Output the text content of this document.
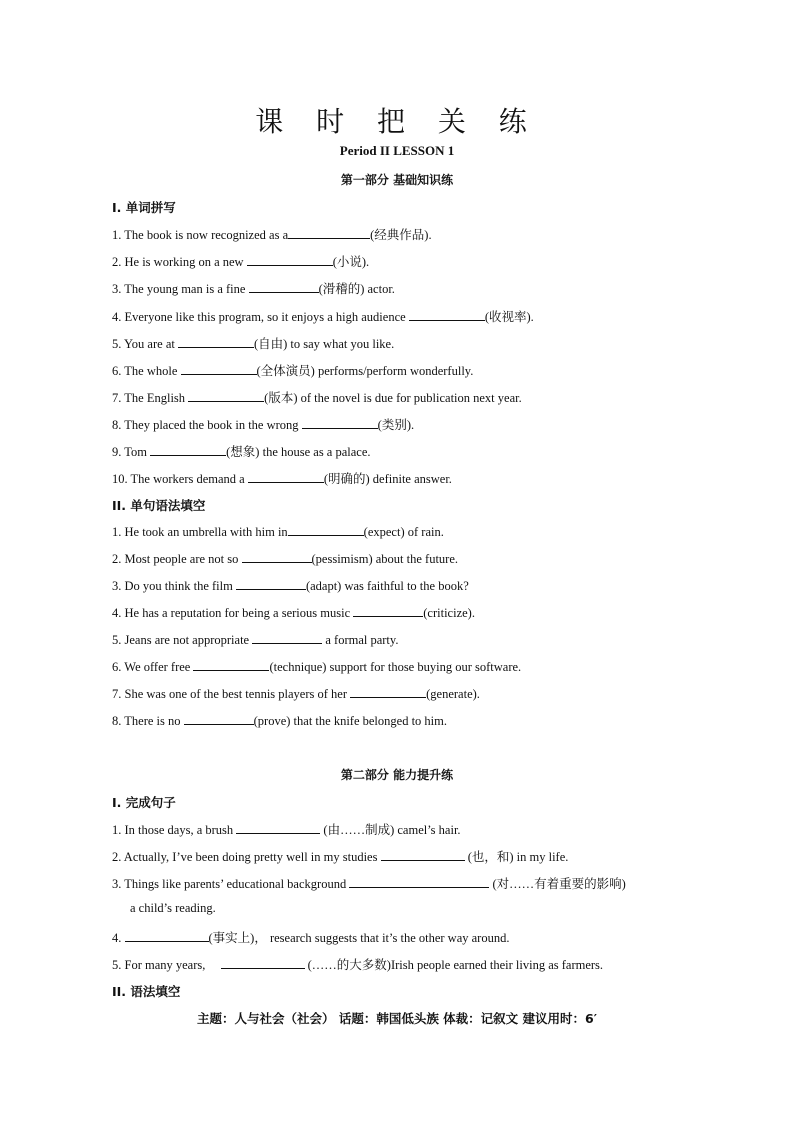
课 时 把 关 练
Period II LESSON 1
第一部分 基础知识练
I. 单词拼写
1. The book is now recognized as a	(经典作品).
2. He is working on a new	(小说).
3. The young man is a fine	(滑稽的) actor.
4. Everyone like this program, so it enjoys a high audience	(收视率).
5. You are at	(自由) to say what you like.
6. The whole	(全体演员) performs/perform wonderfully.
7. The English	(版本) of the novel is due for publication next year.
8. They placed the book in the wrong	(类别).
9. Tom	(想象) the house as a palace.
10. The workers demand a	(明确的) definite answer.
II. 单句语法填空
1. He took an umbrella with him in	(expect) of rain.
2. Most people are not so	(pessimism) about the future.
3. Do you think the film	(adapt) was faithful to the book?
4. He has a reputation for being a serious music	(criticize).
5. Jeans are not appropriate	a formal party.
6. We offer free	(technique) support for those buying our software.
7. She was one of the best tennis players of her	(generate).
8. There is no	(prove) that the knife belonged to him.
第二部分 能力提升练
I. 完成句子
1. In those days, a brush	(由……制成) camel’s hair.
2. Actually, I’ve been doing pretty well in my studies	(也，和) in my life.
3. Things like parents’ educational background	(对……有着重要的影响)
a child’s reading.
4.	(事实上)， research suggests that it’s the other way around.
5. For many years,	(……的大多数)Irish people earned their living as farmers.
II. 语法填空
主题：人与社会（社会） 话题：韩国低头族 体裁：记叙文 建议用时：6′
